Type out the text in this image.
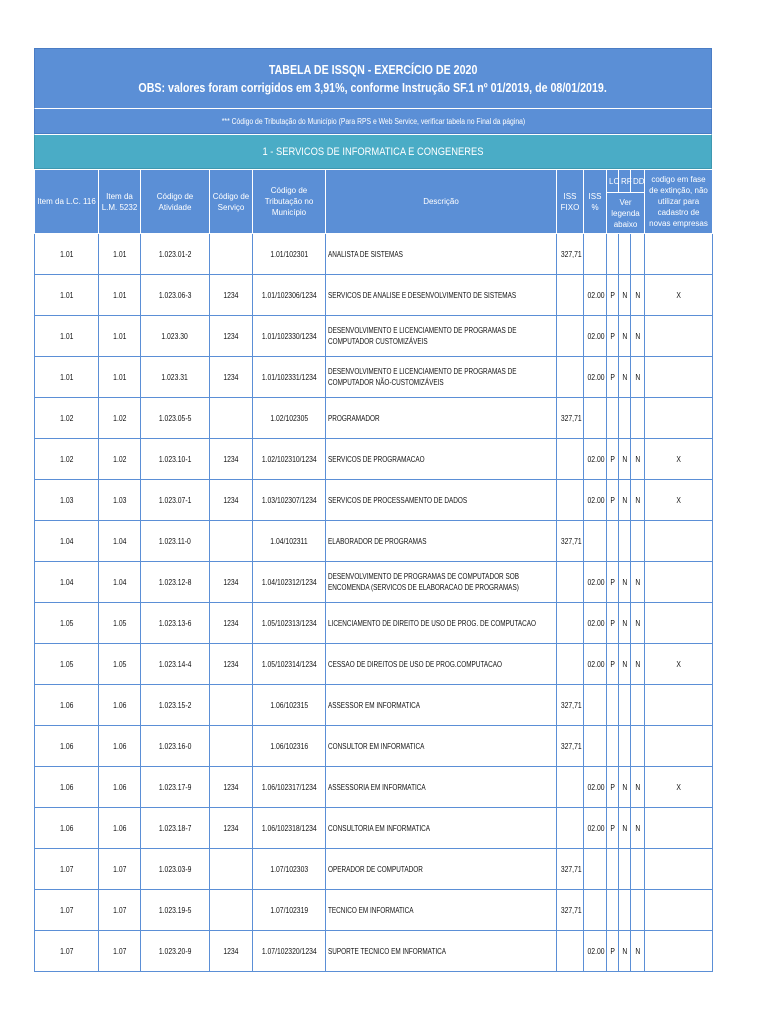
TABELA DE ISSQN - EXERCÍCIO DE 2020
OBS: valores foram corrigidos em 3,91%, conforme Instrução SF.1 nº 01/2019, de 08/01/2019.
*** Código de Tributação do Município (Para RPS e Web Service, verificar tabela no Final da página)
1 - SERVICOS DE INFORMATICA E CONGENERES
Item da L.C. 116	Item da L.M. 5232	Código de Atividade	Código de Serviço	Código de Tributação no Município	Descrição	ISS FIXO	ISS %	LC	RF	DD	codigo em fase de extinção, não utilizar para cadastro de novas empresas
								Ver legenda abaixo			
1.01	1.01	1.023.01-2		1.01/102301	ANALISTA DE SISTEMAS	327,71					
1.01	1.01	1.023.06-3	1234	1.01/102306/1234	SERVICOS DE ANALISE E DESENVOLVIMENTO DE SISTEMAS		02.00	P	N	N	X
1.01	1.01	1.023.30	1234	1.01/102330/1234	DESENVOLVIMENTO E LICENCIAMENTO DE PROGRAMAS DE COMPUTADOR CUSTOMIZÁVEIS		02.00	P	N	N	
1.01	1.01	1.023.31	1234	1.01/102331/1234	DESENVOLVIMENTO E LICENCIAMENTO DE PROGRAMAS DE COMPUTADOR NÃO-CUSTOMIZÁVEIS		02.00	P	N	N	
1.02	1.02	1.023.05-5		1.02/102305	PROGRAMADOR	327,71					
1.02	1.02	1.023.10-1	1234	1.02/102310/1234	SERVICOS DE PROGRAMACAO		02.00	P	N	N	X
1.03	1.03	1.023.07-1	1234	1.03/102307/1234	SERVICOS DE PROCESSAMENTO DE DADOS		02.00	P	N	N	X
1.04	1.04	1.023.11-0		1.04/102311	ELABORADOR DE PROGRAMAS	327,71					
1.04	1.04	1.023.12-8	1234	1.04/102312/1234	DESENVOLVIMENTO DE PROGRAMAS DE COMPUTADOR SOB ENCOMENDA (SERVICOS DE ELABORACAO DE PROGRAMAS)		02.00	P	N	N	
1.05	1.05	1.023.13-6	1234	1.05/102313/1234	LICENCIAMENTO DE DIREITO DE USO DE PROG. DE COMPUTACAO		02.00	P	N	N	
1.05	1.05	1.023.14-4	1234	1.05/102314/1234	CESSAO DE DIREITOS DE USO DE PROG.COMPUTACAO		02.00	P	N	N	X
1.06	1.06	1.023.15-2		1.06/102315	ASSESSOR EM INFORMATICA	327,71					
1.06	1.06	1.023.16-0		1.06/102316	CONSULTOR EM INFORMATICA	327,71					
1.06	1.06	1.023.17-9	1234	1.06/102317/1234	ASSESSORIA EM INFORMATICA		02.00	P	N	N	X
1.06	1.06	1.023.18-7	1234	1.06/102318/1234	CONSULTORIA EM INFORMATICA		02.00	P	N	N	
1.07	1.07	1.023.03-9		1.07/102303	OPERADOR DE COMPUTADOR	327,71					
1.07	1.07	1.023.19-5		1.07/102319	TECNICO EM INFORMATICA	327,71					
1.07	1.07	1.023.20-9	1234	1.07/102320/1234	SUPORTE TECNICO EM INFORMATICA		02.00	P	N	N	
